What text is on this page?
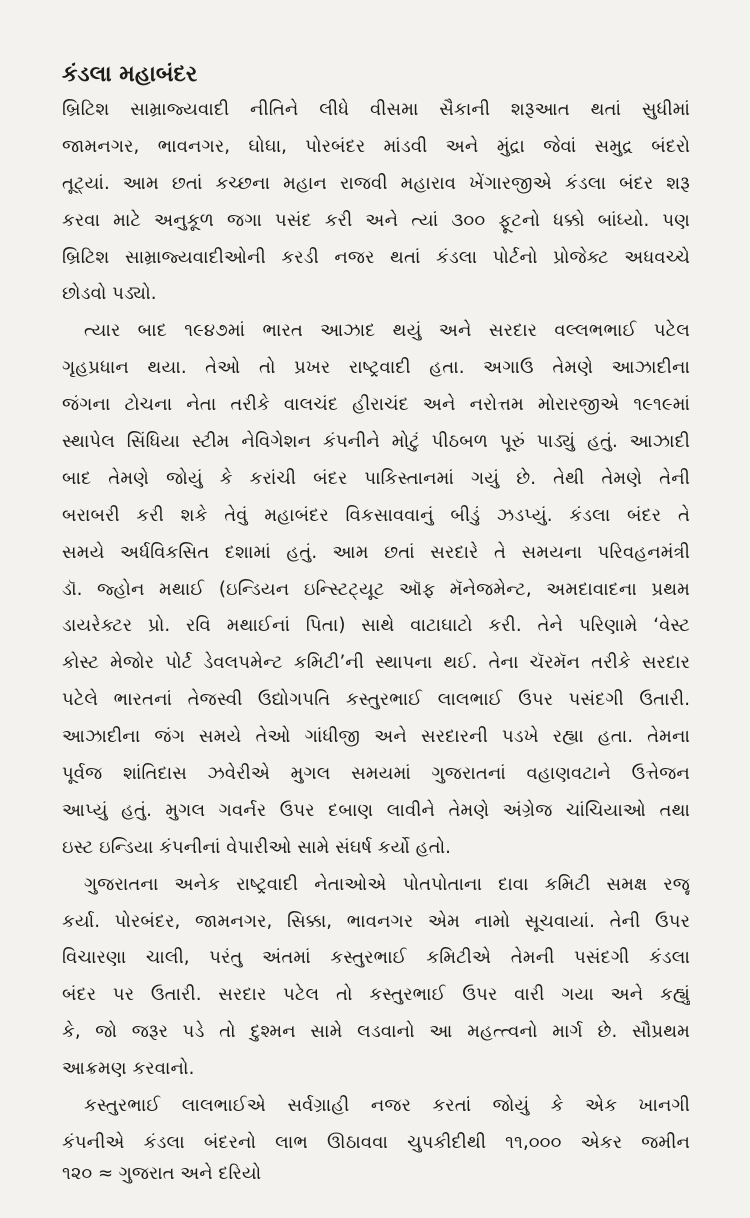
કંડલા મહાબંદર
બ્રિટિશ સામ્રાજ્યવાદી નીતિને લીધે વીસમા સૈકાની શરૂઆત થતાં સુધીમાં
જામનગર, ભાવનગર, ઘોઘા, પોરબંદર માંડવી અને મુંદ્રા જેવાં સમુદ્ર બંદરો
તૂટ્યાં. આમ છતાં કચ્છના મહાન રાજવી મહારાવ ખેંગારજીએ કંડલા બંદર શરૂ
કરવા માટે અનુકૂળ જગા પસંદ કરી અને ત્યાં ૩૦૦ ફૂટનો ધક્કો બાંધ્યો. પણ
બ્રિટિશ સામ્રાજ્યવાદીઓની કરડી નજર થતાં કંડલા પોર્ટનો પ્રોજેક્ટ અધવચ્ચે
છોડવો પડ્યો.
ત્યાર બાદ ૧૯૪૭માં ભારત આઝાદ થયું અને સરદાર વલ્લભભાઈ પટેલ
ગૃહપ્રધાન થયા. તેઓ તો પ્રખર રાષ્ટ્રવાદી હતા. અગાઉ તેમણે આઝાદીના
જંગના ટોચના નેતા તરીકે વાલચંદ હીરાચંદ અને નરોત્તમ મોરારજીએ ૧૯૧૯માં
સ્થાપેલ સિંધિયા સ્ટીમ નેવિગેશન કંપનીને મોટું પીઠબળ પૂરું પાડ્યું હતું. આઝાદી
બાદ તેમણે જોયું કે કરાંચી બંદર પાકિસ્તાનમાં ગયું છે. તેથી તેમણે તેની
બરાબરી કરી શકે તેવું મહાબંદર વિકસાવવાનું બીડું ઝડપ્યું. કંડલા બંદર તે
સમયે અર્ધવિકસિત દશામાં હતું. આમ છતાં સરદારે તે સમયના પરિવહનમંત્રી
ડૉ. જ્હોન મથાઈ (ઇન્ડિયન ઇન્સ્ટિટ્યૂટ ઑફ મૅનેજમેન્ટ, અમદાવાદના પ્રથમ
ડાયરેક્ટર પ્રો. રવિ મથાઈનાં પિતા) સાથે વાટાઘાટો કરી. તેને પરિણામે ‘વેસ્ટ
કોસ્ટ મેજોર પોર્ટ ડેવલપમેન્ટ કમિટી’ની સ્થાપના થઈ. તેના ચૅરમૅન તરીકે સરદાર
પટેલે ભારતનાં તેજસ્વી ઉદ્યોગપતિ કસ્તુરભાઈ લાલભાઈ ઉપર પસંદગી ઉતારી.
આઝાદીના જંગ સમયે તેઓ ગાંધીજી અને સરદારની પડખે રહ્યા હતા. તેમના
પૂર્વજ શાંતિદાસ ઝવેરીએ મુગલ સમયમાં ગુજરાતનાં વહાણવટાને ઉત્તેજન
આપ્યું હતું. મુગલ ગવર્નર ઉપર દબાણ લાવીને તેમણે અંગ્રેજ ચાંચિયાઓ તથા
ઇસ્ટ ઇન્ડિયા કંપનીનાં વેપારીઓ સામે સંઘર્ષ કર્યો હતો.
ગુજરાતના અનેક રાષ્ટ્રવાદી નેતાઓએ પોતપોતાના દાવા કમિટી સમક્ષ રજૂ
કર્યા. પોરબંદર, જામનગર, સિક્કા, ભાવનગર એમ નામો સૂચવાયાં. તેની ઉપર
વિચારણા ચાલી, પરંતુ અંતમાં કસ્તુરભાઈ કમિટીએ તેમની પસંદગી કંડલા
બંદર પર ઉતારી. સરદાર પટેલ તો કસ્તુરભાઈ ઉપર વારી ગયા અને કહ્યું
કે, જો જરૂર પડે તો દુશ્મન સામે લડવાનો આ મહત્ત્વનો માર્ગ છે. સૌપ્રથમ
આક્રમણ કરવાનો.
કસ્તુરભાઈ લાલભાઈએ સર્વગ્રાહી નજર કરતાં જોયું કે એક ખાનગી
કંપનીએ કંડલા બંદરનો લાભ ઊઠાવવા ચુપકીદીથી ૧૧,૦૦૦ એકર જમીન
૧૨૦ ≈ ગુજરાત અને દરિયો
